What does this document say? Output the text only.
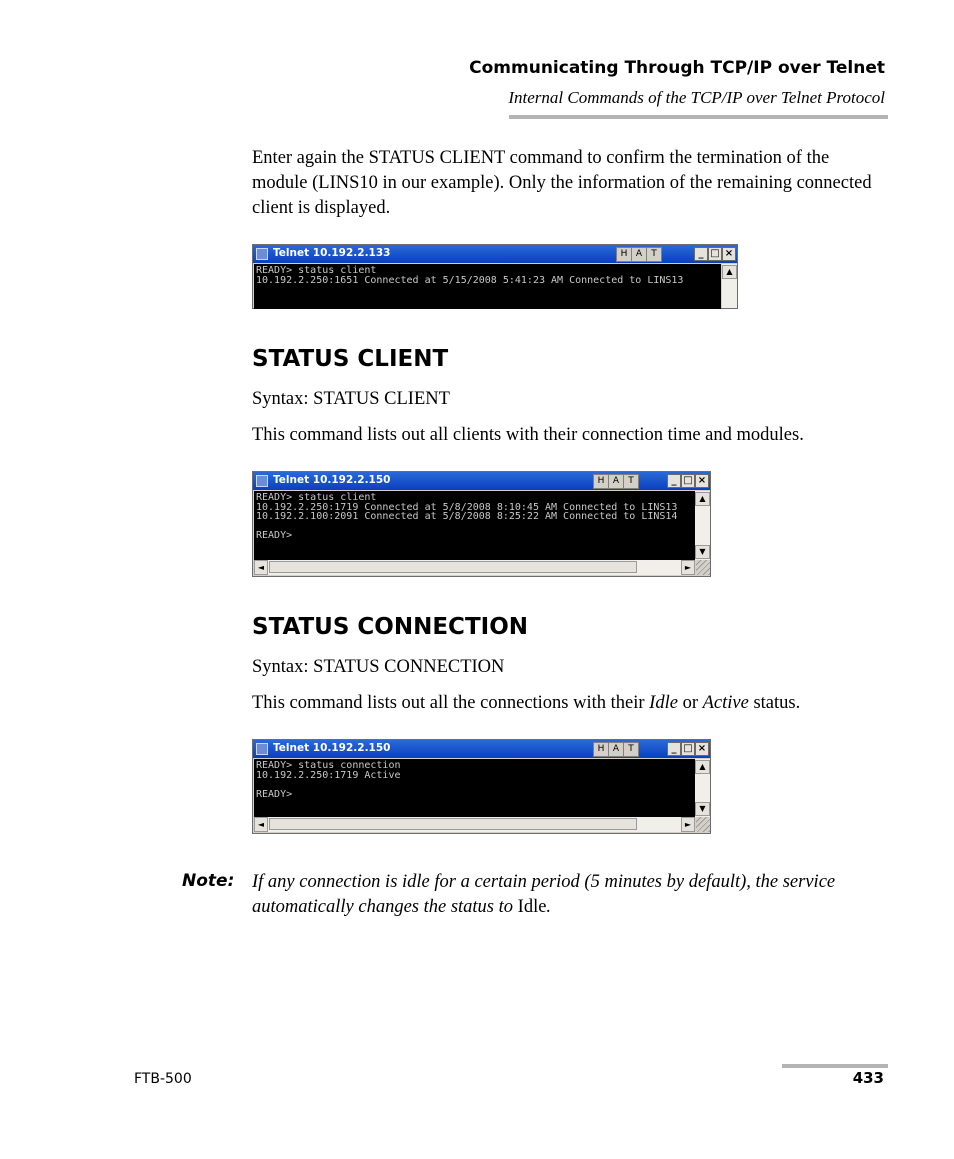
Communicating Through TCP/IP over Telnet
Internal Commands of the TCP/IP over Telnet Protocol
Enter again the STATUS CLIENT command to confirm the termination of the module (LINS10 in our example). Only the information of the remaining connected client is displayed.
Telnet 10.192.2.133	H A	T	_ □ ×
READY> status client
10.192.2.250:1651 Connected at 5/15/2008 5:41:23 AM Connected to LINS13
▲
STATUS CLIENT
Syntax: STATUS CLIENT
This command lists out all clients with their connection time and modules.
Telnet 10.192.2.150	H A	T	_ □ ×
READY> status client
10.192.2.250:1719 Connected at 5/8/2008 8:10:45 AM Connected to LINS13
10.192.2.100:2091 Connected at 5/8/2008 8:25:22 AM Connected to LINS14
READY>
▲
▼
◄	►
STATUS CONNECTION
Syntax: STATUS CONNECTION
This command lists out all the connections with their Idle or Active status.
Telnet 10.192.2.150	H A	T	_ □ ×
READY> status connection
10.192.2.250:1719 Active
READY>
▲
▼
◄	►
Note: If any connection is idle for a certain period (5 minutes by default), the service automatically changes the status to Idle.
FTB-500	433
